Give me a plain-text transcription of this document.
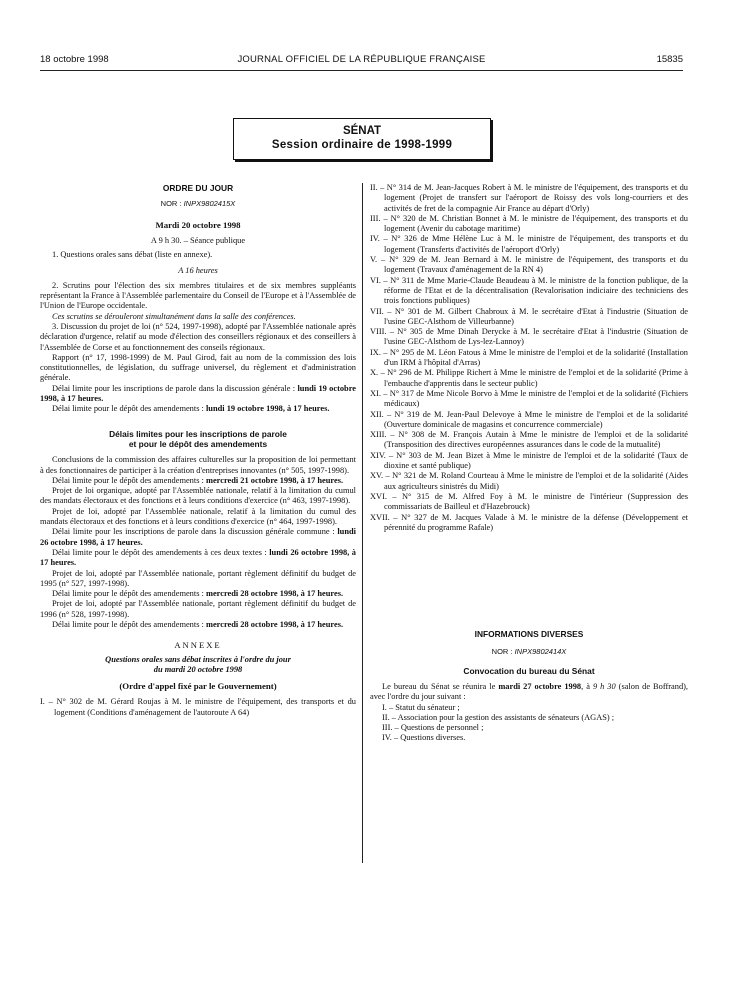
18 octobre 1998	JOURNAL OFFICIEL DE LA RÉPUBLIQUE FRANÇAISE	15835
SÉNAT
Session ordinaire de 1998-1999

ORDRE DU JOUR

NOR : INPX9802415X

Mardi 20 octobre 1998

A 9 h 30. – Séance publique

1. Questions orales sans débat (liste en annexe).

A 16 heures

2. Scrutins pour l'élection des six membres titulaires et de six membres suppléants représentant la France à l'Assemblée parlementaire du Conseil de l'Europe et à l'Assemblée de l'Union de l'Europe occidentale.

Ces scrutins se dérouleront simultanément dans la salle des conférences.

3. Discussion du projet de loi (n° 524, 1997-1998), adopté par l'Assemblée nationale après déclaration d'urgence, relatif au mode d'élection des conseillers régionaux et des conseillers à l'Assemblée de Corse et au fonctionnement des conseils régionaux.

Rapport (n° 17, 1998-1999) de M. Paul Girod, fait au nom de la commission des lois constitutionnelles, de législation, du suffrage universel, du règlement et d'administration générale.

Délai limite pour les inscriptions de parole dans la discussion générale : lundi 19 octobre 1998, à 17 heures.

Délai limite pour le dépôt des amendements : lundi 19 octobre 1998, à 17 heures.

Délais limites pour les inscriptions de parole

et pour le dépôt des amendements

Conclusions de la commission des affaires culturelles sur la proposition de loi permettant à des fonctionnaires de participer à la création d'entreprises innovantes (n° 505, 1997-1998).

Délai limite pour le dépôt des amendements : mercredi 21 octobre 1998, à 17 heures.

Projet de loi organique, adopté par l'Assemblée nationale, relatif à la limitation du cumul des mandats électoraux et des fonctions et à leurs conditions d'exercice (n° 463, 1997-1998).

Projet de loi, adopté par l'Assemblée nationale, relatif à la limitation du cumul des mandats électoraux et des fonctions et à leurs conditions d'exercice (n° 464, 1997-1998).

Délai limite pour les inscriptions de parole dans la discussion générale commune : lundi 26 octobre 1998, à 17 heures.

Délai limite pour le dépôt des amendements à ces deux textes : lundi 26 octobre 1998, à 17 heures.

Projet de loi, adopté par l'Assemblée nationale, portant règlement définitif du budget de 1995 (n° 527, 1997-1998).

Délai limite pour le dépôt des amendements : mercredi 28 octobre 1998, à 17 heures.

Projet de loi, adopté par l'Assemblée nationale, portant règlement définitif du budget de 1996 (n° 528, 1997-1998).

Délai limite pour le dépôt des amendements : mercredi 28 octobre 1998, à 17 heures.

ANNEXE

Questions orales sans débat inscrites à l'ordre du jour

du mardi 20 octobre 1998

(Ordre d'appel fixé par le Gouvernement)

I. – N° 302 de M. Gérard Roujas à M. le ministre de l'équipement, des transports et du logement (Conditions d'aménagement de l'autoroute A 64)

II. – N° 314 de M. Jean-Jacques Robert à M. le ministre de l'équipement, des transports et du logement (Projet de transfert sur l'aéroport de Roissy des vols long-courriers et des activités de fret de la compagnie Air France au départ d'Orly)

III. – N° 320 de M. Christian Bonnet à M. le ministre de l'équipement, des transports et du logement (Avenir du cabotage maritime)

IV. – N° 326 de Mme Hélène Luc à M. le ministre de l'équipement, des transports et du logement (Transferts d'activités de l'aéroport d'Orly)

V. – N° 329 de M. Jean Bernard à M. le ministre de l'équipement, des transports et du logement (Travaux d'aménagement de la RN 4)

VI. – N° 311 de Mme Marie-Claude Beaudeau à M. le ministre de la fonction publique, de la réforme de l'Etat et de la décentralisation (Revalorisation indiciaire des techniciens des trois fonctions publiques)

VII. – N° 301 de M. Gilbert Chabroux à M. le secrétaire d'Etat à l'industrie (Situation de l'usine GEC-Alsthom de Villeurbanne)

VIII. – N° 305 de Mme Dinah Derycke à M. le secrétaire d'Etat à l'industrie (Situation de l'usine GEC-Alsthom de Lys-lez-Lannoy)

IX. – N° 295 de M. Léon Fatous à Mme le ministre de l'emploi et de la solidarité (Installation d'un IRM à l'hôpital d'Arras)

X. – N° 296 de M. Philippe Richert à Mme le ministre de l'emploi et de la solidarité (Prime à l'embauche d'apprentis dans le secteur public)

XI. – N° 317 de Mme Nicole Borvo à Mme le ministre de l'emploi et de la solidarité (Fichiers médicaux)

XII. – N° 319 de M. Jean-Paul Delevoye à Mme le ministre de l'emploi et de la solidarité (Ouverture dominicale de magasins et concurrence commerciale)

XIII. – N° 308 de M. François Autain à Mme le ministre de l'emploi et de la solidarité (Transposition des directives européennes assurances dans le code de la mutualité)

XIV. – N° 303 de M. Jean Bizet à Mme le ministre de l'emploi et de la solidarité (Taux de dioxine et santé publique)

XV. – N° 321 de M. Roland Courteau à Mme le ministre de l'emploi et de la solidarité (Aides aux agriculteurs sinistrés du Midi)

XVI. – N° 315 de M. Alfred Foy à M. le ministre de l'intérieur (Suppression des commissariats de Bailleul et d'Hazebrouck)

XVII. – N° 327 de M. Jacques Valade à M. le ministre de la défense (Développement et pérennité du programme Rafale)

INFORMATIONS DIVERSES

NOR : INPX9802414X

Convocation du bureau du Sénat

Le bureau du Sénat se réunira le mardi 27 octobre 1998, à 9 h 30 (salon de Boffrand), avec l'ordre du jour suivant :

I. – Statut du sénateur ;

II. – Association pour la gestion des assistants de sénateurs (AGAS) ;

III. – Questions de personnel ;

IV. – Questions diverses.
